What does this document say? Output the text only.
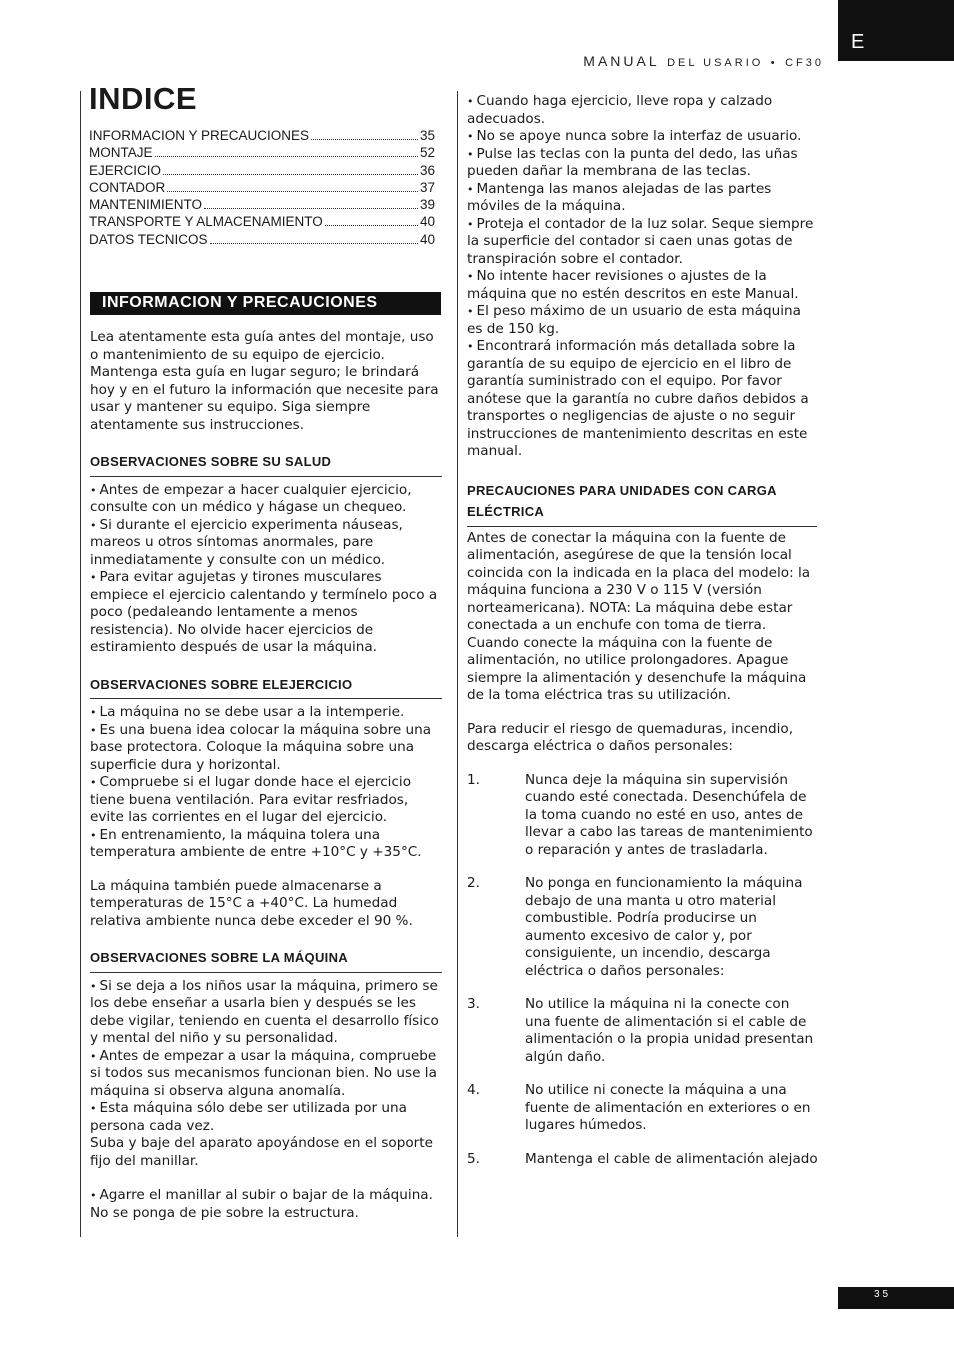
E
MANUAL DEL USARIO • CF30
INDICE
INFORMACION Y PRECAUCIONES	35
MONTAJE	52
EJERCICIO	36
CONTADOR	37
MANTENIMIENTO	39
TRANSPORTE Y ALMACENAMIENTO	40
DATOS TECNICOS	40
INFORMACION Y PRECAUCIONES

Lea atentamente esta guía antes del montaje, uso o mantenimiento de su equipo de ejercicio. Mantenga esta guía en lugar seguro; le brindará hoy y en el futuro la información que necesite para usar y mantener su equipo. Siga siempre atentamente sus instrucciones.

OBSERVACIONES SOBRE SU SALUD

• Antes de empezar a hacer cualquier ejercicio, consulte con un médico y hágase un chequeo.

• Si durante el ejercicio experimenta náuseas, mareos u otros síntomas anormales, pare inmediatamente y consulte con un médico.

• Para evitar agujetas y tirones musculares empiece el ejercicio calentando y termínelo poco a poco (pedaleando lentamente a menos resistencia). No olvide hacer ejercicios de estiramiento después de usar la máquina.

OBSERVACIONES SOBRE ELEJERCICIO

• La máquina no se debe usar a la intemperie.

• Es una buena idea colocar la máquina sobre una base protectora. Coloque la máquina sobre una superficie dura y horizontal.

• Compruebe si el lugar donde hace el ejercicio tiene buena ventilación. Para evitar resfriados, evite las corrientes en el lugar del ejercicio.

• En entrenamiento, la máquina tolera una temperatura ambiente de entre +10°C y +35°C.

La máquina también puede almacenarse a temperaturas de 15°C a +40°C. La humedad relativa ambiente nunca debe exceder el 90 %.

OBSERVACIONES SOBRE LA MÁQUINA

• Si se deja a los niños usar la máquina, primero se los debe enseñar a usarla bien y después se les debe vigilar, teniendo en cuenta el desarrollo físico y mental del niño y su personalidad.

• Antes de empezar a usar la máquina, compruebe si todos sus mecanismos funcionan bien. No use la máquina si observa alguna anomalía.

• Esta máquina sólo debe ser utilizada por una persona cada vez.

Suba y baje del aparato apoyándose en el soporte fijo del manillar.

• Agarre el manillar al subir o bajar de la máquina. No se ponga de pie sobre la estructura.

• Cuando haga ejercicio, lleve ropa y calzado adecuados.

• No se apoye nunca sobre la interfaz de usuario.

• Pulse las teclas con la punta del dedo, las uñas pueden dañar la membrana de las teclas.

• Mantenga las manos alejadas de las partes móviles de la máquina.

• Proteja el contador de la luz solar. Seque siempre la superficie del contador si caen unas gotas de transpiración sobre el contador.

• No intente hacer revisiones o ajustes de la máquina que no estén descritos en este Manual.

• El peso máximo de un usuario de esta máquina es de 150 kg.

• Encontrará información más detallada sobre la garantía de su equipo de ejercicio en el libro de garantía suministrado con el equipo. Por favor anótese que la garantía no cubre daños debidos a transportes o negligencias de ajuste o no seguir instrucciones de mantenimiento descritas en este manual.

PRECAUCIONES PARA UNIDADES CON CARGA ELÉCTRICA

Antes de conectar la máquina con la fuente de alimentación, asegúrese de que la tensión local coincida con la indicada en la placa del modelo: la máquina funciona a 230 V o 115 V (versión norteamericana). NOTA: La máquina debe estar conectada a un enchufe con toma de tierra. Cuando conecte la máquina con la fuente de alimentación, no utilice prolongadores. Apague siempre la alimentación y desenchufe la máquina de la toma eléctrica tras su utilización.

Para reducir el riesgo de quemaduras, incendio, descarga eléctrica o daños personales:

1.	Nunca deje la máquina sin supervisión cuando esté conectada. Desenchúfela de la toma cuando no esté en uso, antes de llevar a cabo las tareas de mantenimiento o reparación y antes de trasladarla.
2.	No ponga en funcionamiento la máquina debajo de una manta u otro material combustible. Podría producirse un aumento excesivo de calor y, por consiguiente, un incendio, descarga eléctrica o daños personales:
3.	No utilice la máquina ni la conecte con una fuente de alimentación si el cable de alimentación o la propia unidad presentan algún daño.
4.	No utilice ni conecte la máquina a una fuente de alimentación en exteriores o en lugares húmedos.
5.	Mantenga el cable de alimentación alejado
35
